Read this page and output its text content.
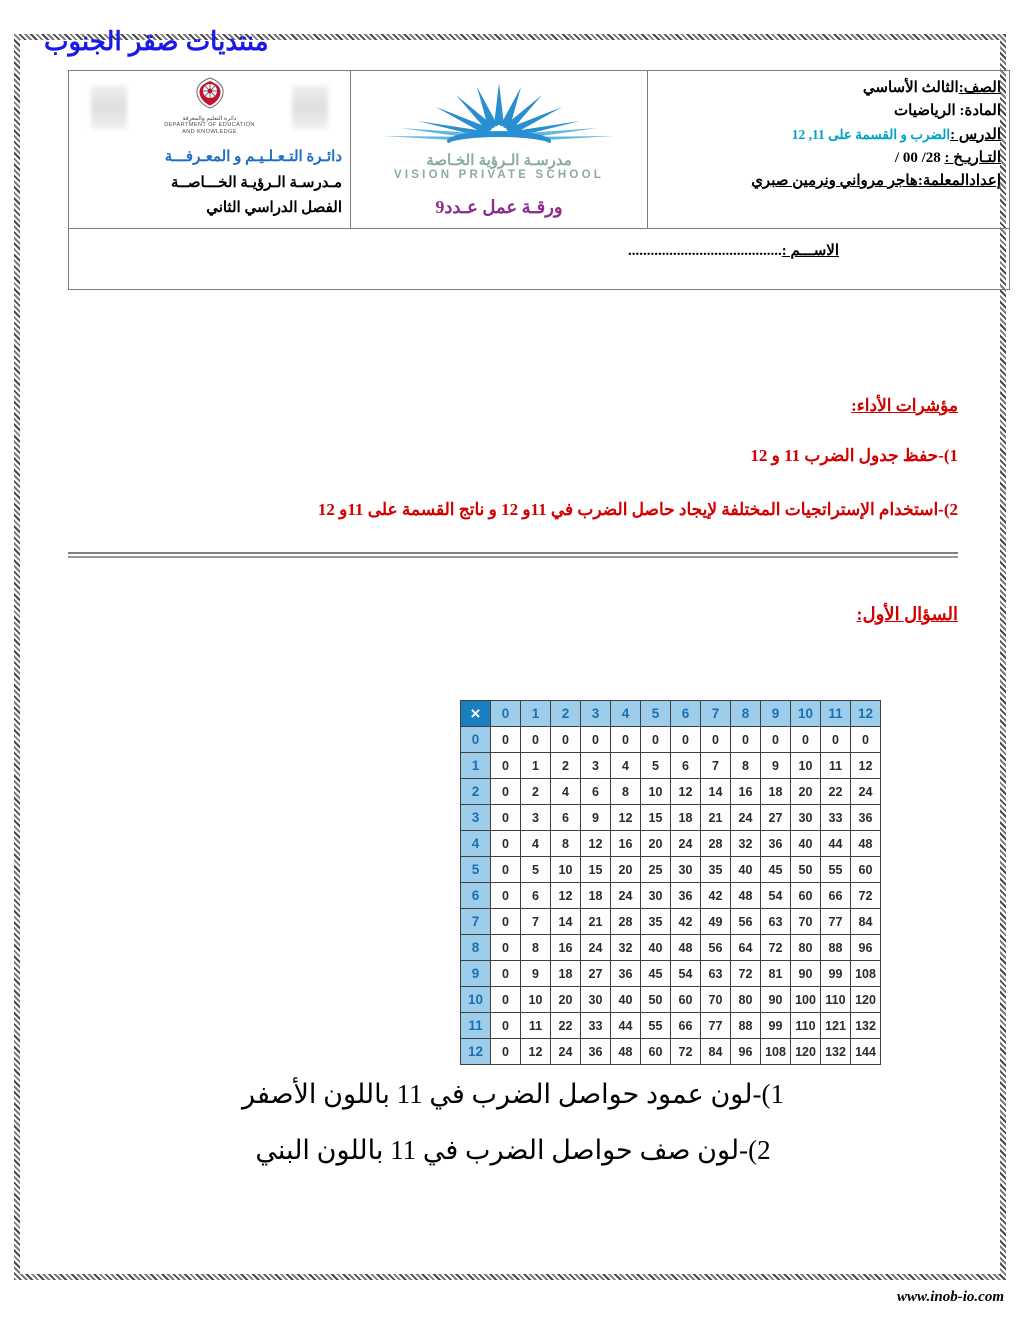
منتديات صقر الجنوب
الصف:الثالث الأساسي
المادة: الرياضيات
الدرس :الضرب و القسمة على 11, 12
التـاريـخ : 28/ 00 /
إعدادالمعلمة:هاجر مرواني ونرمين صبري

مدرسـة الـرؤية الخـاصة
VISION PRIVATE SCHOOL
ورقـة عمل عـدد9

دائرة التعليم والمعرفة
DEPARTMENT OF EDUCATION
AND KNOWLEDGE
دائـرة التـعـلـيـم و المعـرفـــة
مـدرسـة الـرؤيـة الخـــاصــة
الفصل الدراسي الثاني

الاســـم :.........................................
مؤشرات الأداء:
1)-حفظ جدول الضرب 11 و 12
2)-استخدام الإستراتجيات المختلفة لإيجاد حاصل الضرب في 11و 12 و ناتج القسمة على 11و 12
السؤال الأول:
×	0	1	2	3	4	5	6	7	8	9	10	11	12
0	0	0	0	0	0	0	0	0	0	0	0	0	0
1	0	1	2	3	4	5	6	7	8	9	10	11	12
2	0	2	4	6	8	10	12	14	16	18	20	22	24
3	0	3	6	9	12	15	18	21	24	27	30	33	36
4	0	4	8	12	16	20	24	28	32	36	40	44	48
5	0	5	10	15	20	25	30	35	40	45	50	55	60
6	0	6	12	18	24	30	36	42	48	54	60	66	72
7	0	7	14	21	28	35	42	49	56	63	70	77	84
8	0	8	16	24	32	40	48	56	64	72	80	88	96
9	0	9	18	27	36	45	54	63	72	81	90	99	108
10	0	10	20	30	40	50	60	70	80	90	100	110	120
11	0	11	22	33	44	55	66	77	88	99	110	121	132
12	0	12	24	36	48	60	72	84	96	108	120	132	144
1)-لون عمود حواصل الضرب في 11 باللون الأصفر
2)-لون صف حواصل الضرب في 11 باللون البني
www.inob-io.com
